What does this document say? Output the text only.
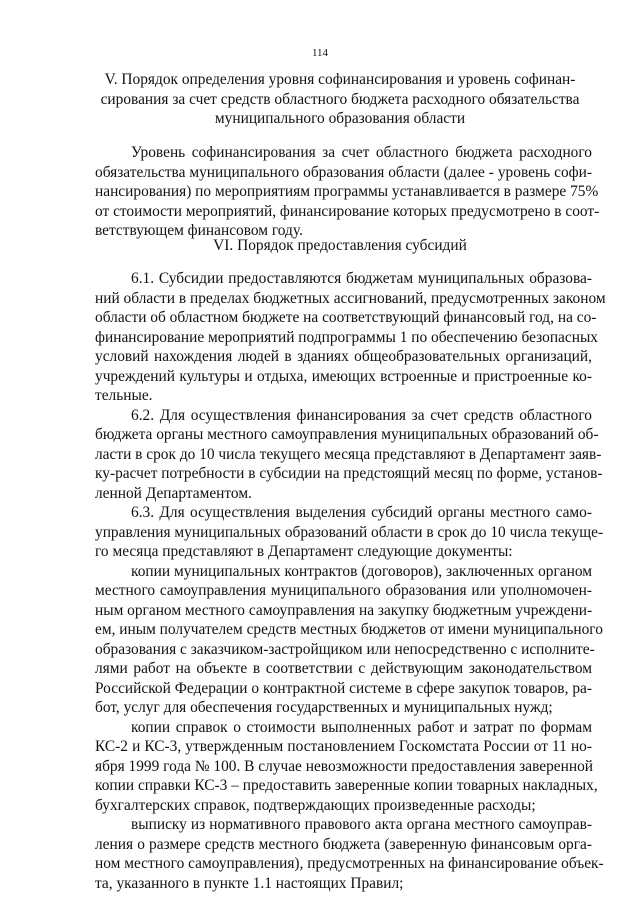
114
V. Порядок определения уровня софинансирования и уровень софинан-
сирования за счет средств областного бюджета расходного обязательства
муниципального образования области
Уровень софинансирования за счет областного бюджета расходного
обязательства муниципального образования области (далее - уровень софи-
нансирования) по мероприятиям программы устанавливается в размере 75%
от стоимости мероприятий, финансирование которых предусмотрено в соот-
ветствующем финансовом году.
VI. Порядок предоставления субсидий
6.1. Субсидии предоставляются бюджетам муниципальных образова-
ний области в пределах бюджетных ассигнований, предусмотренных законом
области об областном бюджете на соответствующий финансовый год, на со-
финансирование мероприятий подпрограммы 1 по обеспечению безопасных
условий нахождения людей в зданиях общеобразовательных организаций,
учреждений культуры и отдыха, имеющих встроенные и пристроенные ко-
тельные.
6.2. Для осуществления финансирования за счет средств областного
бюджета органы местного самоуправления муниципальных образований об-
ласти в срок до 10 числа текущего месяца представляют в Департамент заяв-
ку-расчет потребности в субсидии на предстоящий месяц по форме, установ-
ленной Департаментом.
6.3. Для осуществления выделения субсидий органы местного само-
управления муниципальных образований области в срок до 10 числа текуще-
го месяца представляют в Департамент следующие документы:
копии муниципальных контрактов (договоров), заключенных органом
местного самоуправления муниципального образования или уполномочен-
ным органом местного самоуправления на закупку бюджетным учреждени-
ем, иным получателем средств местных бюджетов от имени муниципального
образования с заказчиком-застройщиком или непосредственно с исполните-
лями работ на объекте в соответствии с действующим законодательством
Российской Федерации о контрактной системе в сфере закупок товаров, ра-
бот, услуг для обеспечения государственных и муниципальных нужд;
копии справок о стоимости выполненных работ и затрат по формам
КС-2 и КС-3, утвержденным постановлением Госкомстата России от 11 но-
ября 1999 года № 100. В случае невозможности предоставления заверенной
копии справки КС-3 – предоставить заверенные копии товарных накладных,
бухгалтерских справок, подтверждающих произведенные расходы;
выписку из нормативного правового акта органа местного самоуправ-
ления о размере средств местного бюджета (заверенную финансовым орга-
ном местного самоуправления), предусмотренных на финансирование объек-
та, указанного в пункте 1.1 настоящих Правил;
